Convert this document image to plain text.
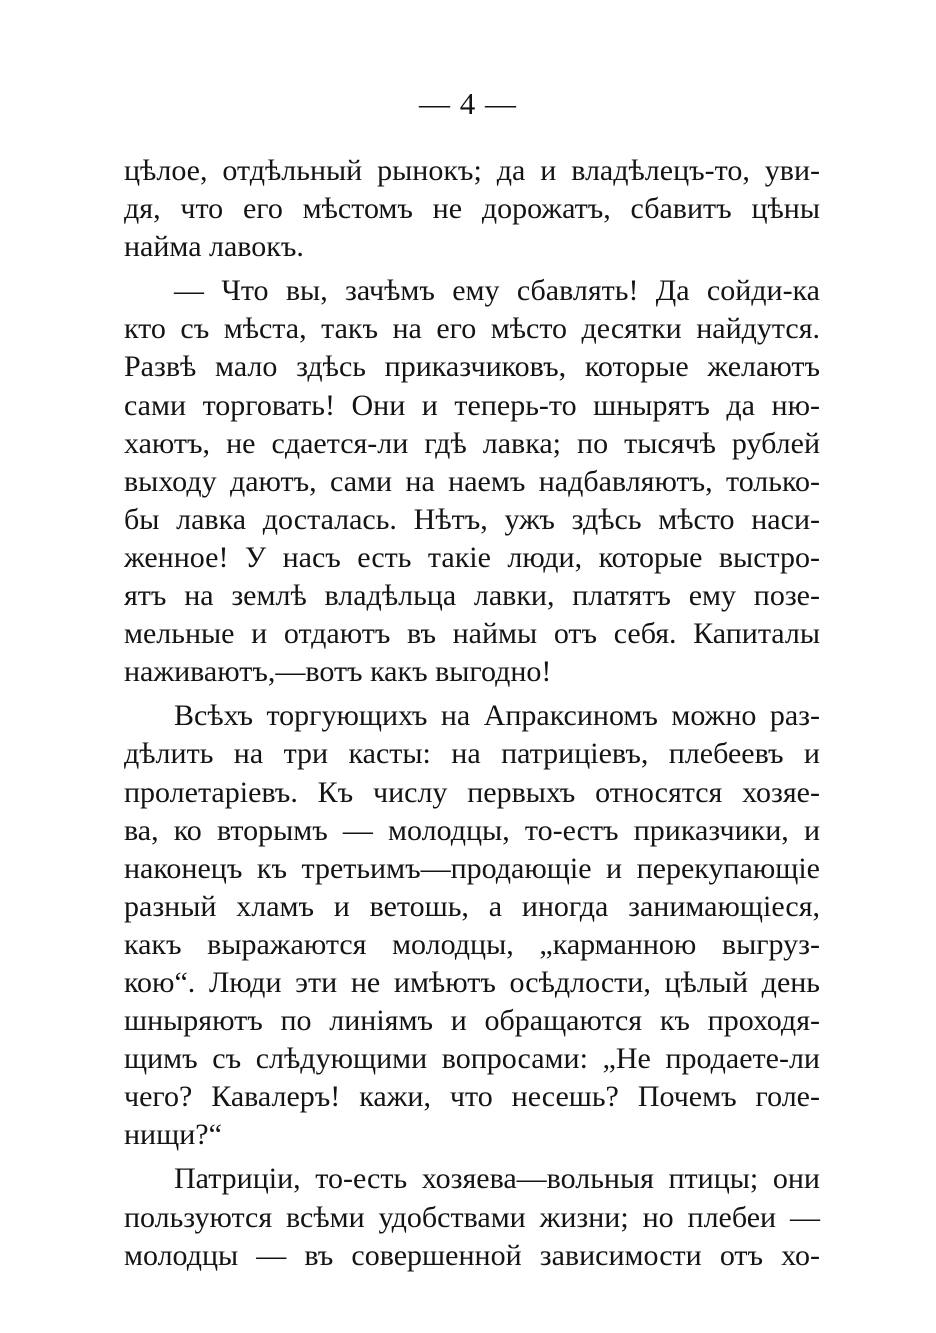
— 4 —
цѣлое, отдѣльный рынокъ; да и владѣлецъ-то, уви-
дя, что его мѣстомъ не дорожатъ, сбавитъ цѣны
найма лавокъ.
— Что вы, зачѣмъ ему сбавлять! Да сойди-ка
кто съ мѣста, такъ на его мѣсто десятки найдутся.
Развѣ мало здѣсь приказчиковъ, которые желаютъ
сами торговать! Они и теперь-то шнырятъ да ню-
хаютъ, не сдается-ли гдѣ лавка; по тысячѣ рублей
выходу даютъ, сами на наемъ надбавляютъ, только-
бы лавка досталась. Нѣтъ, ужъ здѣсь мѣсто наси-
женное! У насъ есть такіе люди, которые выстро-
ятъ на землѣ владѣльца лавки, платятъ ему позе-
мельные и отдаютъ въ наймы отъ себя. Капиталы
наживаютъ,—вотъ какъ выгодно!
Всѣхъ торгующихъ на Апраксиномъ можно раз-
дѣлить на три касты: на патриціевъ, плебеевъ и
пролетаріевъ. Къ числу первыхъ относятся хозяе-
ва, ко вторымъ — молодцы, то-естъ приказчики, и
наконецъ къ третьимъ—продающіе и перекупающіе
разный хламъ и ветошь, а иногда занимающіеся,
какъ выражаются молодцы, „карманною выгруз-
кою“. Люди эти не имѣютъ осѣдлости, цѣлый день
шныряютъ по линіямъ и обращаются къ проходя-
щимъ съ слѣдующими вопросами: „Не продаете-ли
чего? Кавалеръ! кажи, что несешь? Почемъ голе-
нищи?“
Патриціи, то-есть хозяева—вольныя птицы; они
пользуются всѣми удобствами жизни; но плебеи —
молодцы — въ совершенной зависимости отъ хо-
